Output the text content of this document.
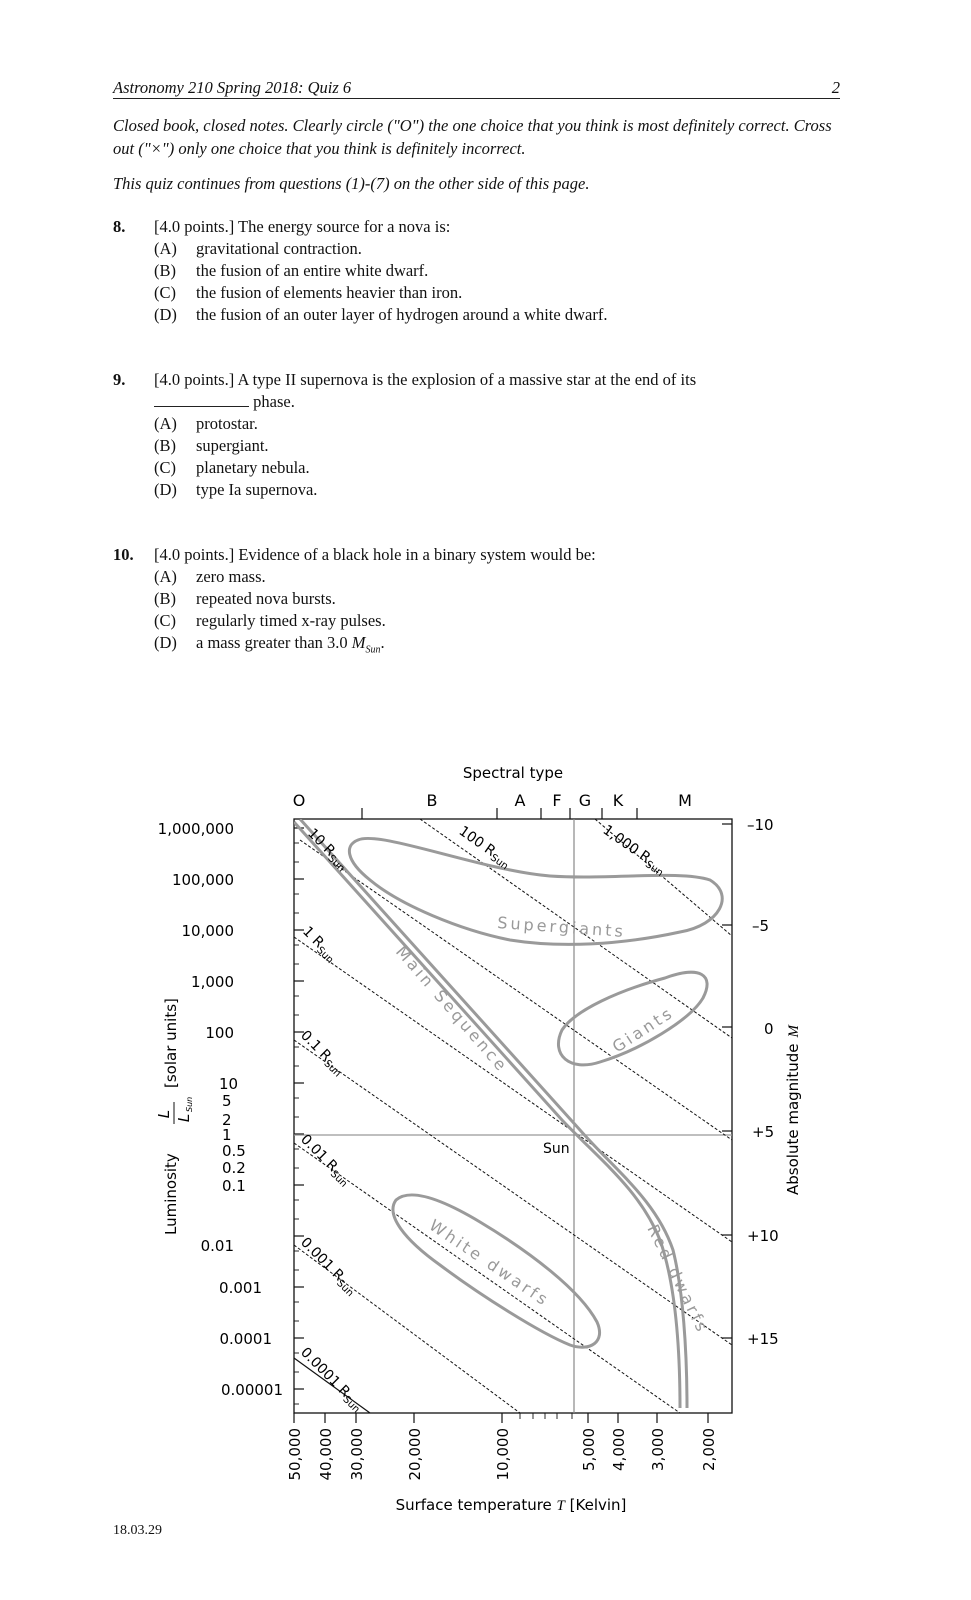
Astronomy 210 Spring 2018: Quiz 6	2
Closed book, closed notes. Clearly circle ("O") the one choice that you think is most definitely correct. Cross out ("×") only one choice that you think is definitely incorrect.
This quiz continues from questions (1)-(7) on the other side of this page.
8. [4.0 points.] The energy source for a nova is:
(A) gravitational contraction.
(B) the fusion of an entire white dwarf.
(C) the fusion of elements heavier than iron.
(D) the fusion of an outer layer of hydrogen around a white dwarf.
9. [4.0 points.] A type II supernova is the explosion of a massive star at the end of its
phase.
(A) protostar.
(B) supergiant.
(C) planetary nebula.
(D) type Ia supernova.
10. [4.0 points.] Evidence of a black hole in a binary system would be:
(A) zero mass.
(B) repeated nova bursts.
(C) regularly timed x-ray pulses.
(D) a mass greater than 3.0 $M_{Sun}$.
Spectral type
O	B	A F G K	M
1,000,000
100,000
10,000
1,000
100
0.01
0.001
0.0001
0.00001
10
5
2
1
0.5
0.2
0.1
Luminosity
L L
Sun
[solar units]
–10
–5
0
+5
+10
+15
Absolute magnitudeM
50,000 40,000 30,000	20,000	10,000	5,000 4,000 3,000 2,000
Surface temperature T [Kelvin]
1,000 $R_{Sun}$
100 $R_{Sun}$
10 $R_{Sun}$
1 $R_{Sun}$
0.1 $R_{Sun}$
0.01 $R_{Sun}$
0.001 $R_{Sun}$
0.0001 $R_{Sun}$
Supergiants
Giants
Main Sequence
White dwarfs	Red dwarfs
Sun
18.03.29
